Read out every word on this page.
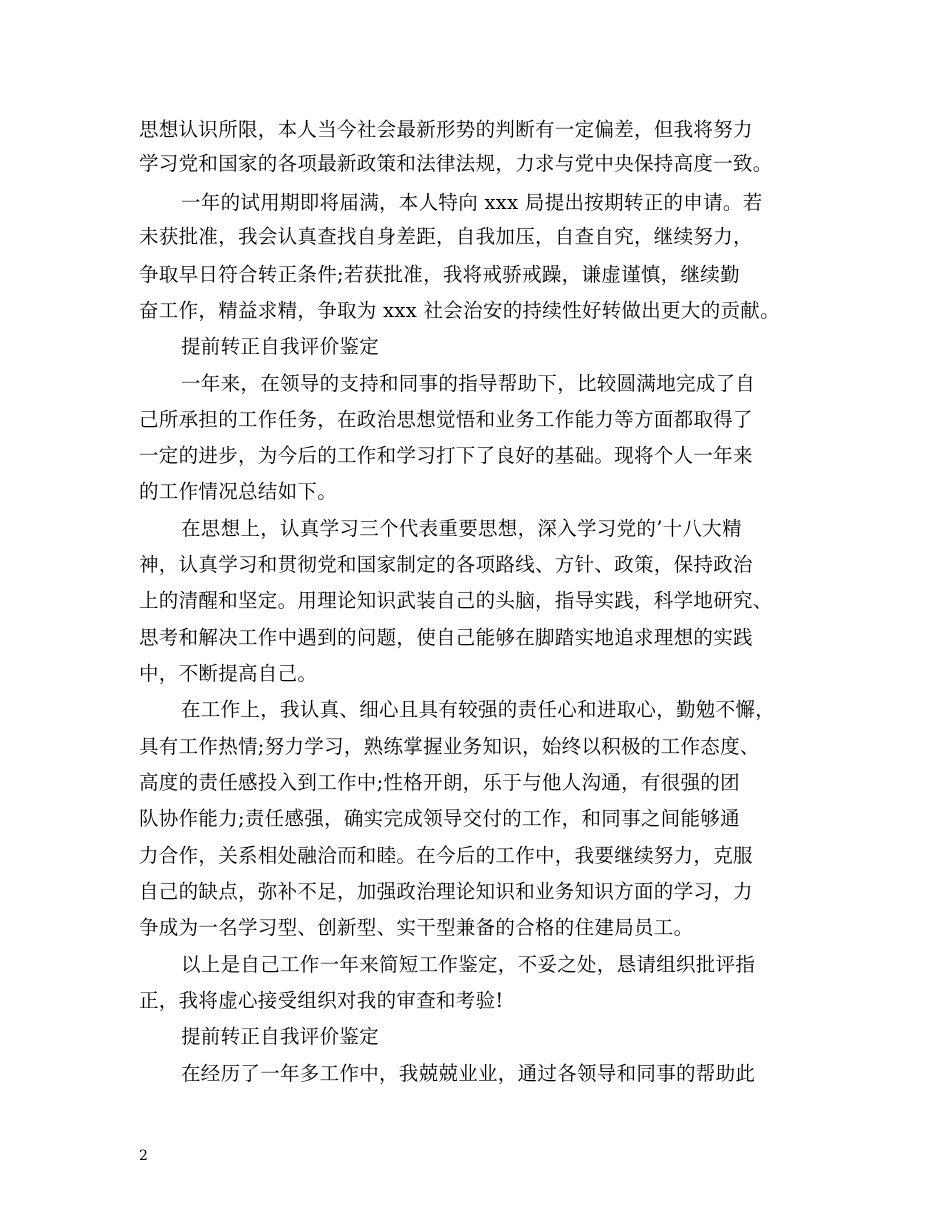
思想认识所限，本人当今社会最新形势的判断有一定偏差，但我将努力
学习党和国家的各项最新政策和法律法规，力求与党中央保持高度一致。
一年的试用期即将届满，本人特向 xxx 局提出按期转正的申请。若
未获批准，我会认真查找自身差距，自我加压，自查自究，继续努力，
争取早日符合转正条件;若获批准，我将戒骄戒躁，谦虚谨慎，继续勤
奋工作，精益求精，争取为 xxx 社会治安的持续性好转做出更大的贡献。
提前转正自我评价鉴定
一年来，在领导的支持和同事的指导帮助下，比较圆满地完成了自
己所承担的工作任务，在政治思想觉悟和业务工作能力等方面都取得了
一定的进步，为今后的工作和学习打下了良好的基础。现将个人一年来
的工作情况总结如下。
在思想上，认真学习三个代表重要思想，深入学习党的’十八大精
神，认真学习和贯彻党和国家制定的各项路线、方针、政策，保持政治
上的清醒和坚定。用理论知识武装自己的头脑，指导实践，科学地研究、
思考和解决工作中遇到的问题，使自己能够在脚踏实地追求理想的实践
中，不断提高自己。
在工作上，我认真、细心且具有较强的责任心和进取心，勤勉不懈，
具有工作热情;努力学习，熟练掌握业务知识，始终以积极的工作态度、
高度的责任感投入到工作中;性格开朗，乐于与他人沟通，有很强的团
队协作能力;责任感强，确实完成领导交付的工作，和同事之间能够通
力合作，关系相处融洽而和睦。在今后的工作中，我要继续努力，克服
自己的缺点，弥补不足，加强政治理论知识和业务知识方面的学习，力
争成为一名学习型、创新型、实干型兼备的合格的住建局员工。
以上是自己工作一年来简短工作鉴定，不妥之处，恳请组织批评指
正，我将虚心接受组织对我的审查和考验!
提前转正自我评价鉴定
在经历了一年多工作中，我兢兢业业，通过各领导和同事的帮助此
2
